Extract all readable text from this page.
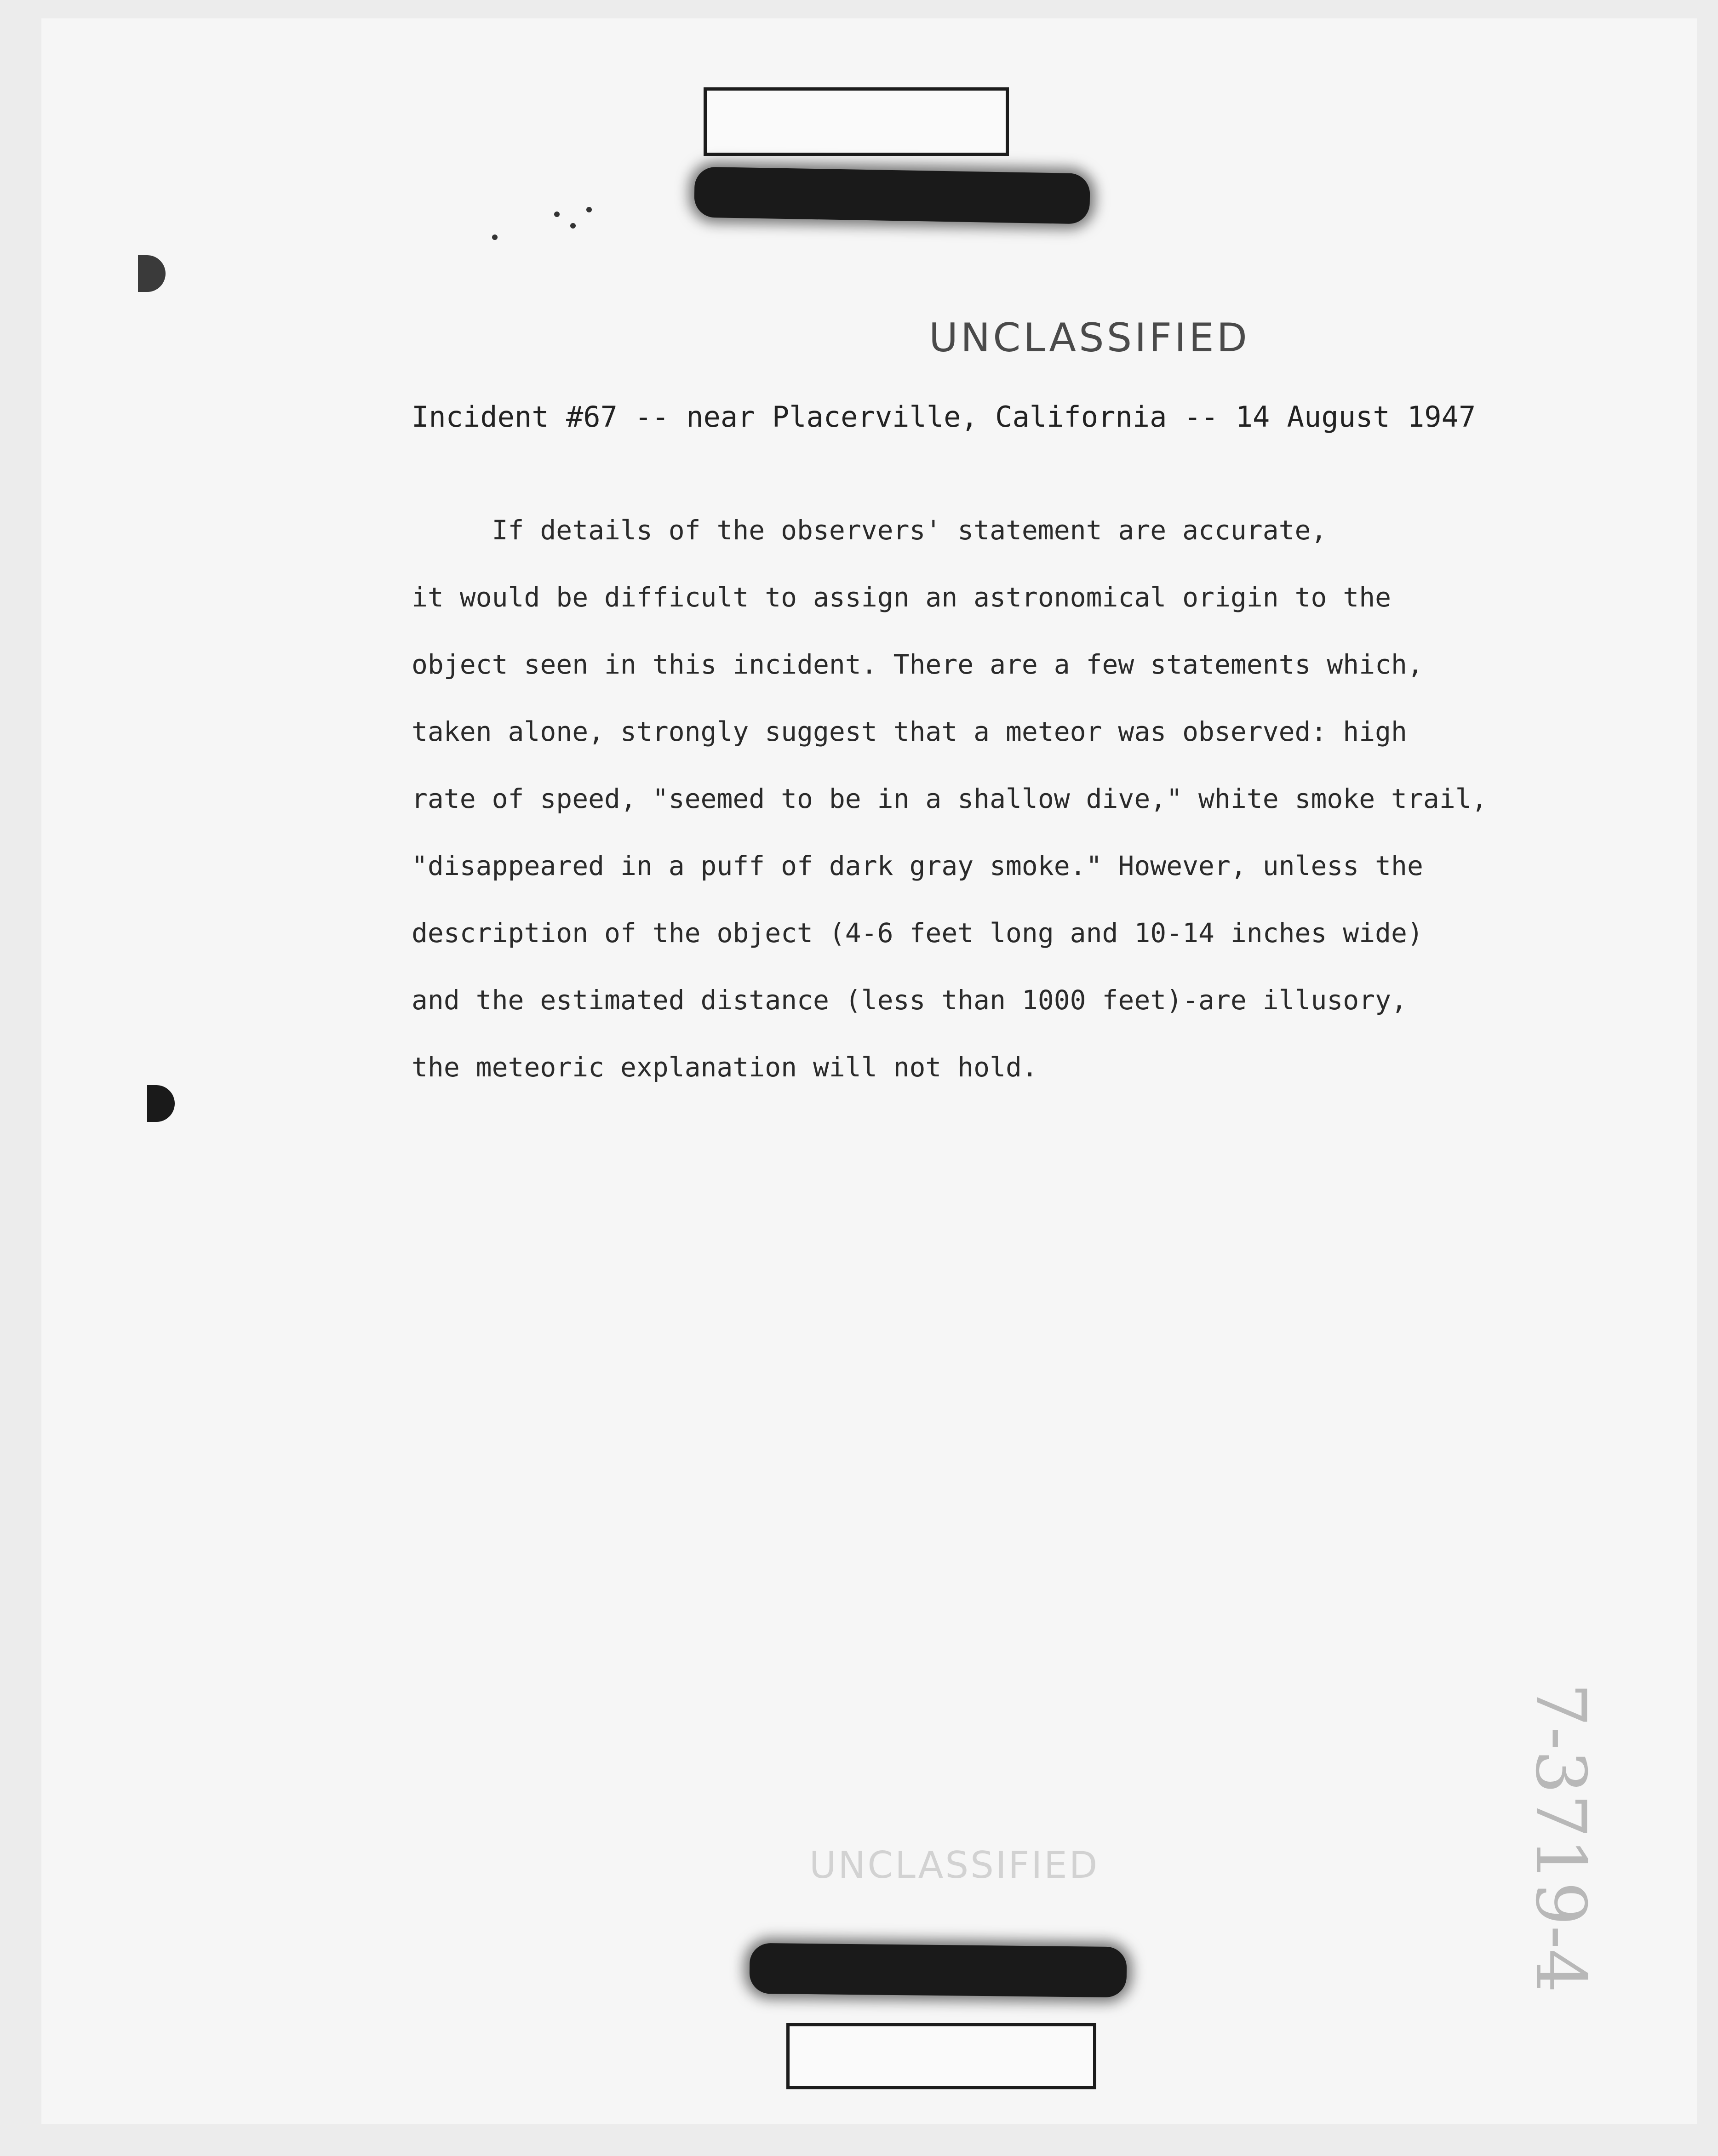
UNCLASSIFIED
Incident #67 -- near Placerville, California -- 14 August 1947
If details of the observers' statement are accurate,
it would be difficult to assign an astronomical origin to the
object seen in this incident. There are a few statements which,
taken alone, strongly suggest that a meteor was observed: high
rate of speed, "seemed to be in a shallow dive," white smoke trail,
"disappeared in a puff of dark gray smoke." However, unless the
description of the object (4-6 feet long and 10-14 inches wide)
and the estimated distance (less than 1000 feet)-are illusory,
the meteoric explanation will not hold.
UNCLASSIFIED	7-3719-4
